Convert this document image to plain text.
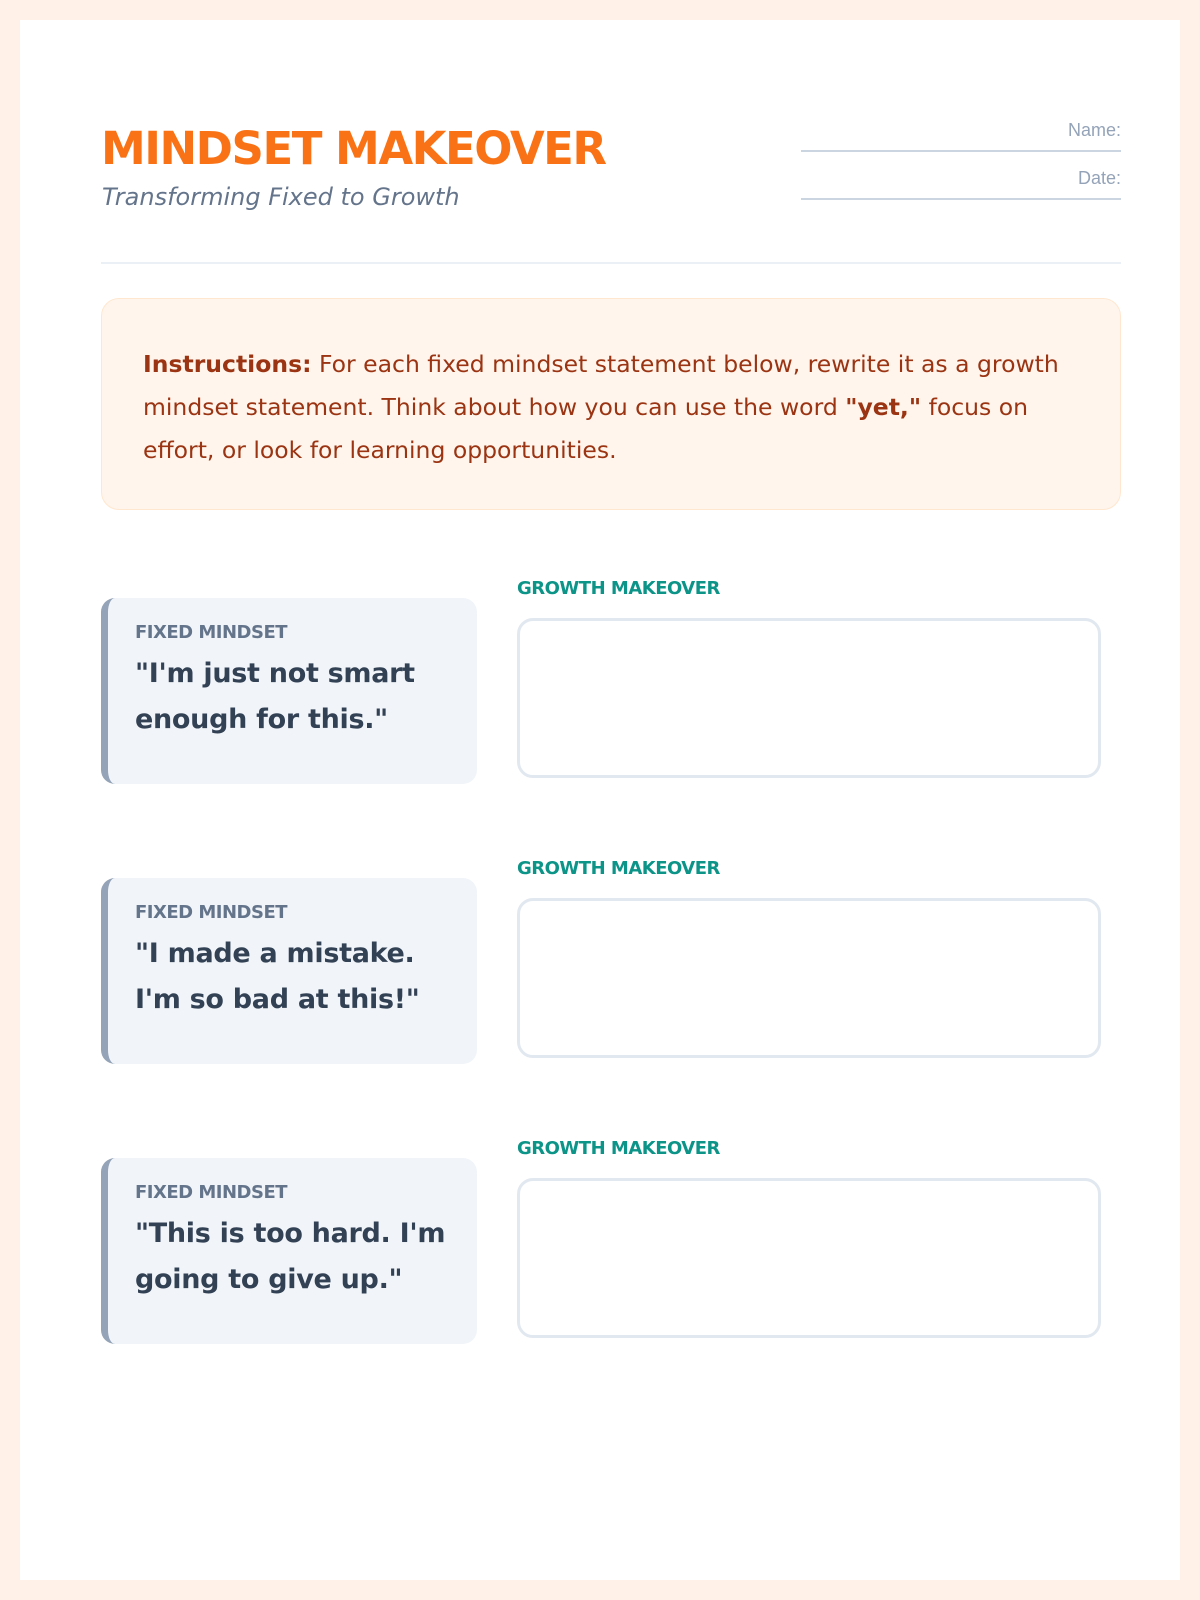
MINDSET MAKEOVER
Transforming Fixed to Growth
Name:
Date:
Instructions: For each fixed mindset statement below, rewrite it as a growth mindset statement. Think about how you can use the word "yet," focus on effort, or look for learning opportunities.
FIXED MINDSET
"I'm just not smart enough for this."
GROWTH MAKEOVER
FIXED MINDSET
"I made a mistake. I'm so bad at this!"
GROWTH MAKEOVER
FIXED MINDSET
"This is too hard. I'm going to give up."
GROWTH MAKEOVER
